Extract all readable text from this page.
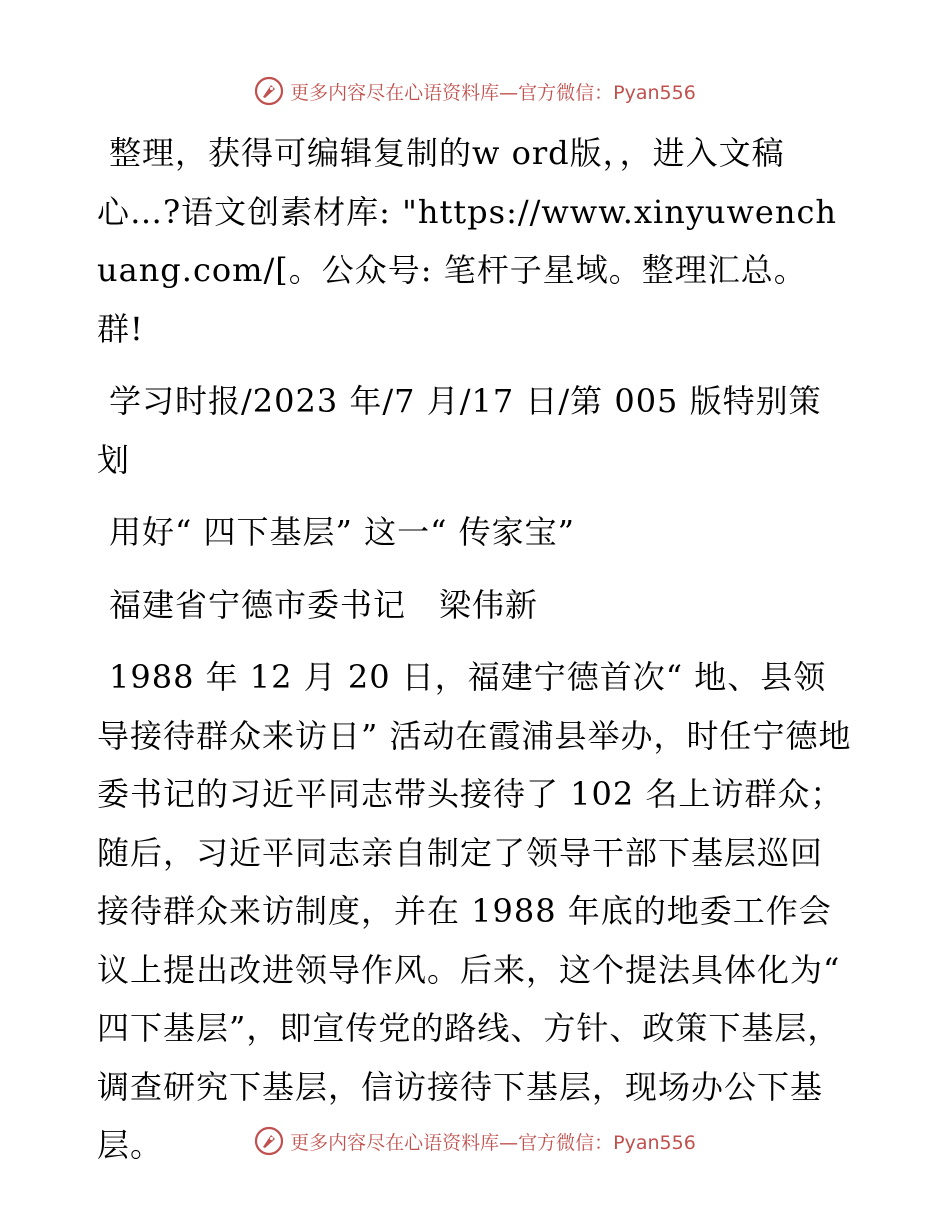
更多内容尽在心语资料库—官方微信：Pyan556

整理，获得可编辑复制的w ord版，，进入文稿心…?语文创素材库: "https://www.xinyuwenchuang.com/[。公众号: 笔杆子星域。整理汇总。群!

学习时报/2023 年/7 月/17 日/第 005 版特别策划

用好“ 四下基层” 这一“ 传家宝”

福建省宁德市委书记　梁伟新

1988 年 12 月 20 日，福建宁德首次“ 地、县领导接待群众来访日” 活动在霞浦县举办，时任宁德地委书记的习近平同志带头接待了 102 名上访群众；随后，习近平同志亲自制定了领导干部下基层巡回接待群众来访制度，并在 1988 年底的地委工作会议上提出改进领导作风。后来，这个提法具体化为“ 四下基层”，即宣传党的路线、方针、政策下基层，调查研究下基层，信访接待下基层，现场办公下基层。	更多内容尽在心语资料库—官方微信：Pyan556
